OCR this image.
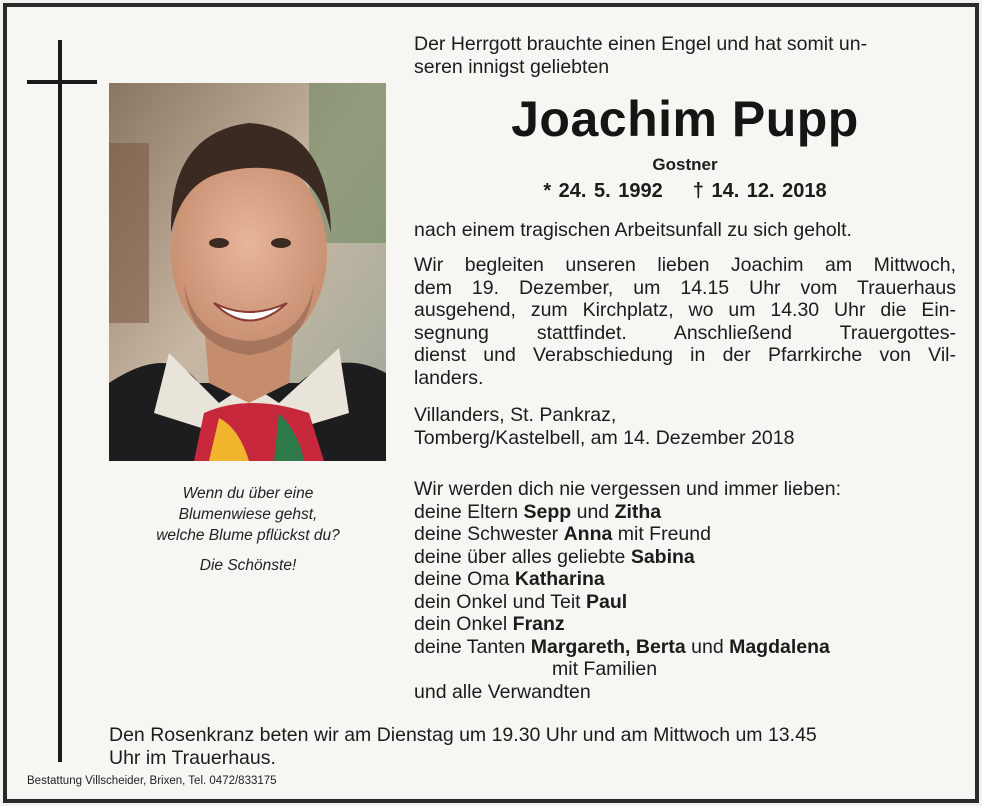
Wenn du über eine
Blumenwiese gehst,
welche Blume pflückst du?
Die Schönste!
Der Herrgott brauchte einen Engel und hat somit un-
seren innigst geliebten
Joachim Pupp
Gostner
* 24. 5. 1992 † 14. 12. 2018
nach einem tragischen Arbeitsunfall zu sich geholt.
Wir begleiten unseren lieben Joachim am Mittwoch,
dem 19. Dezember, um 14.15 Uhr vom Trauerhaus
ausgehend, zum Kirchplatz, wo um 14.30 Uhr die Ein-
segnung stattfindet. Anschließend Trauergottes-
dienst und Verabschiedung in der Pfarrkirche von Vil-
landers.
Villanders, St. Pankraz,
Tomberg/Kastelbell, am 14. Dezember 2018
Wir werden dich nie vergessen und immer lieben:
deine Eltern Sepp und Zitha
deine Schwester Anna mit Freund
deine über alles geliebte Sabina
deine Oma Katharina
dein Onkel und Teit Paul
dein Onkel Franz
deine Tanten Margareth, Berta und Magdalena
mit Familien
und alle Verwandten
Den Rosenkranz beten wir am Dienstag um 19.30 Uhr und am Mittwoch um 13.45
Uhr im Trauerhaus.
Bestattung Villscheider, Brixen, Tel. 0472/833175
